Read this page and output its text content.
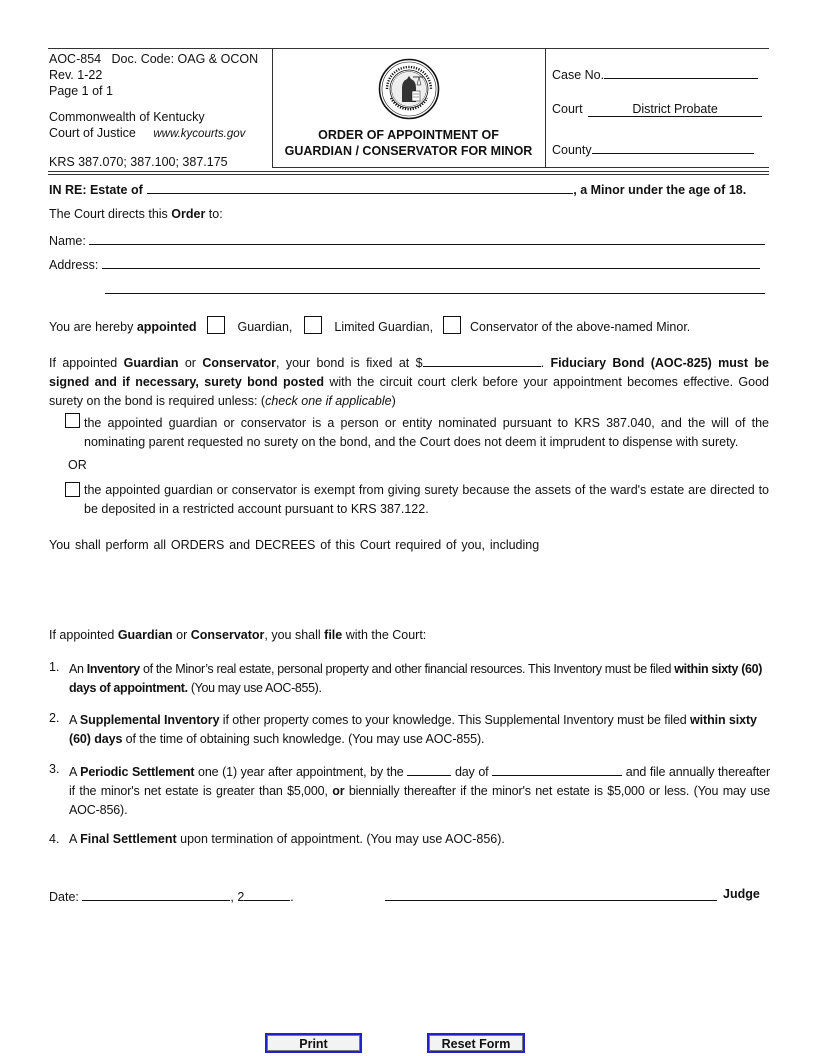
AOC-854 Doc. Code: OAG & OCON
Rev. 1-22
Page 1 of 1
Commonwealth of Kentucky
Court of Justice www.kycourts.gov
KRS 387.070; 387.100; 387.175
ORDER OF APPOINTMENT OF
GUARDIAN / CONSERVATOR FOR MINOR
Case No.
Court	District Probate
County
IN RE: Estate of	, a Minor under the age of 18.
The Court directs this Order to:
Name:
Address:
You are hereby appointed	Guardian,	Limited Guardian,	Conservator of the above-named Minor.
If appointed Guardian or Conservator, your bond is fixed at $	. Fiduciary Bond (AOC-825) must be signed and if necessary, surety bond posted with the circuit court clerk before your appointment becomes effective. Good surety on the bond is required unless: (check one if applicable)
the appointed guardian or conservator is a person or entity nominated pursuant to KRS 387.040, and the will of the nominating parent requested no surety on the bond, and the Court does not deem it imprudent to dispense with surety.
OR
the appointed guardian or conservator is exempt from giving surety because the assets of the ward's estate are directed to be deposited in a restricted account pursuant to KRS 387.122.
You shall perform all ORDERS and DECREES of this Court required of you, including
If appointed Guardian or Conservator, you shall file with the Court:
1. An Inventory of the Minor’s real estate, personal property and other financial resources. This Inventory must be filed within sixty (60) days of appointment. (You may use AOC-855).
2. A Supplemental Inventory if other property comes to your knowledge. This Supplemental Inventory must be filed within sixty (60) days of the time of obtaining such knowledge. (You may use AOC-855).
3. A Periodic Settlement one (1) year after appointment, by the	day of	and file annually thereafter if the minor's net estate is greater than $5,000, or biennially thereafter if the minor's net estate is $5,000 or less. (You may use AOC-856).
4. A Final Settlement upon termination of appointment. (You may use AOC-856).
Date:	, 2	.	Judge
Print	Reset Form
